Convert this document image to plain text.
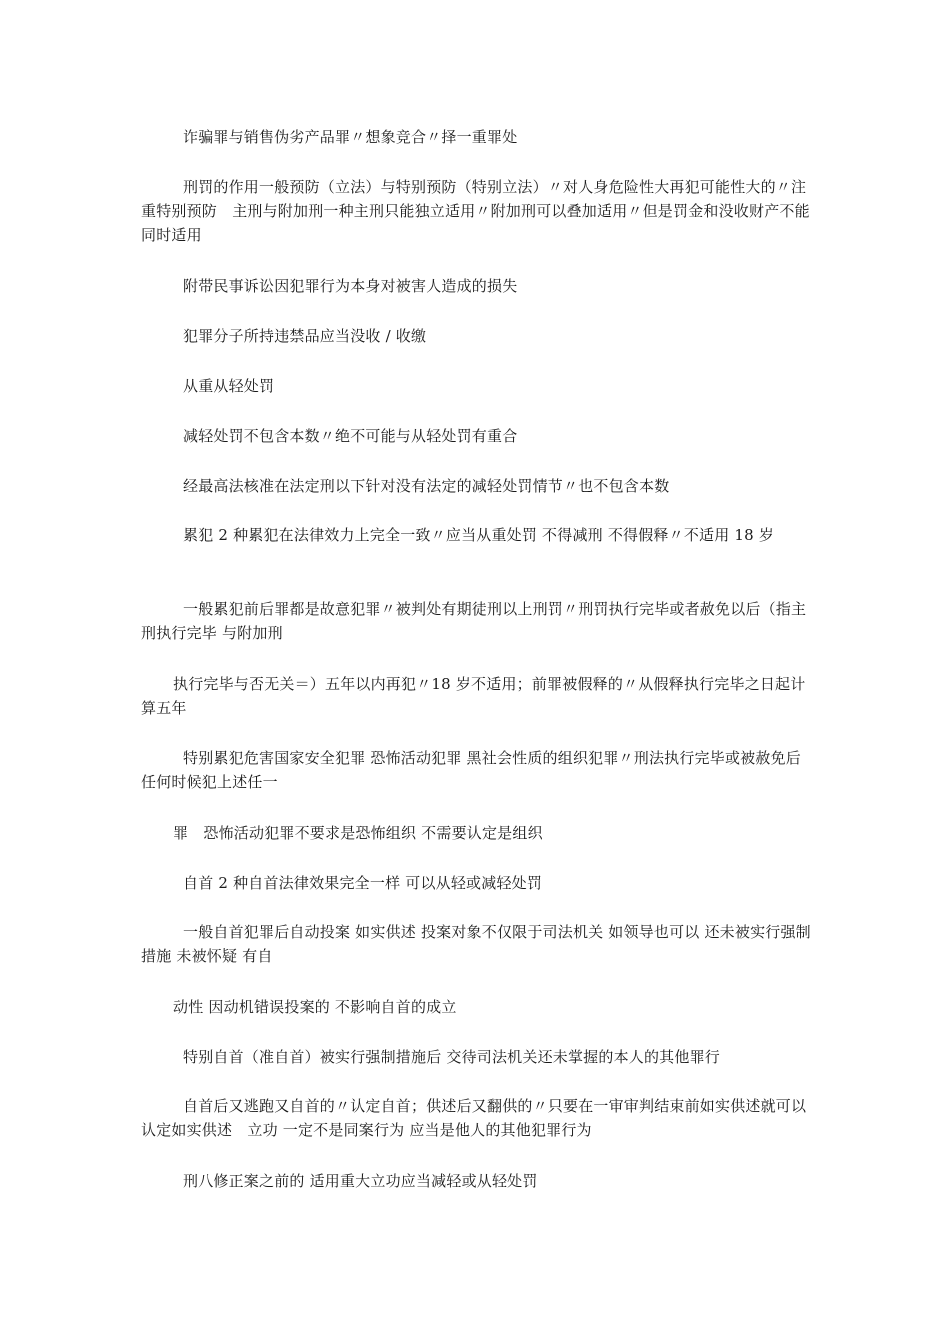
诈骗罪与销售伪劣产品罪〃想象竞合〃择一重罪处

刑罚的作用一般预防（立法）与特别预防（特别立法）〃对人身危险性大再犯可能性大的〃注重特别预防　主刑与附加刑一种主刑只能独立适用〃附加刑可以叠加适用〃但是罚金和没收财产不能同时适用

附带民事诉讼因犯罪行为本身对被害人造成的损失

犯罪分子所持违禁品应当没收 / 收缴

从重从轻处罚

减轻处罚不包含本数〃绝不可能与从轻处罚有重合

经最高法核准在法定刑以下针对没有法定的减轻处罚情节〃也不包含本数

累犯 2 种累犯在法律效力上完全一致〃应当从重处罚 不得减刑 不得假释〃不适用 18 岁

一般累犯前后罪都是故意犯罪〃被判处有期徒刑以上刑罚〃刑罚执行完毕或者赦免以后（指主刑执行完毕 与附加刑

执行完毕与否无关＝）五年以内再犯〃18 岁不适用；前罪被假释的〃从假释执行完毕之日起计算五年

特别累犯危害国家安全犯罪 恐怖活动犯罪 黑社会性质的组织犯罪〃刑法执行完毕或被赦免后 任何时候犯上述任一

罪　恐怖活动犯罪不要求是恐怖组织 不需要认定是组织

自首 2 种自首法律效果完全一样 可以从轻或减轻处罚

一般自首犯罪后自动投案 如实供述 投案对象不仅限于司法机关 如领导也可以 还未被实行强制措施 未被怀疑 有自

动性 因动机错误投案的 不影响自首的成立

特别自首（准自首）被实行强制措施后 交待司法机关还未掌握的本人的其他罪行

自首后又逃跑又自首的〃认定自首；供述后又翻供的〃只要在一审审判结束前如实供述就可以认定如实供述　立功 一定不是同案行为 应当是他人的其他犯罪行为

刑八修正案之前的 适用重大立功应当减轻或从轻处罚
